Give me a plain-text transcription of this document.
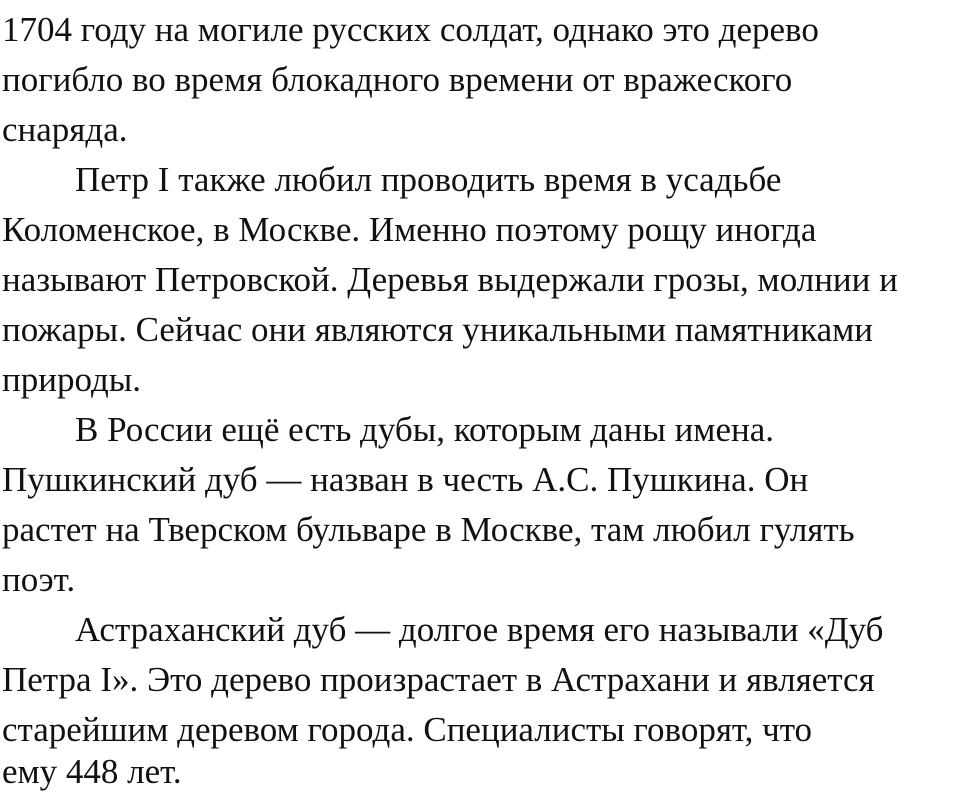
1704 году на могиле русских солдат, однако это дерево
погибло во время блокадного времени от вражеского
снаряда.
Петр I также любил проводить время в усадьбе
Коломенское, в Москве. Именно поэтому рощу иногда
называют Петровской. Деревья выдержали грозы, молнии и
пожары. Сейчас они являются уникальными памятниками
природы.
В России ещё есть дубы, которым даны имена.
Пушкинский дуб — назван в честь А.С. Пушкина. Он
растет на Тверском бульваре в Москве, там любил гулять
поэт.
Астраханский дуб — долгое время его называли «Дуб
Петра I». Это дерево произрастает в Астрахани и является
старейшим деревом города. Специалисты говорят, что
ему 448 лет.
